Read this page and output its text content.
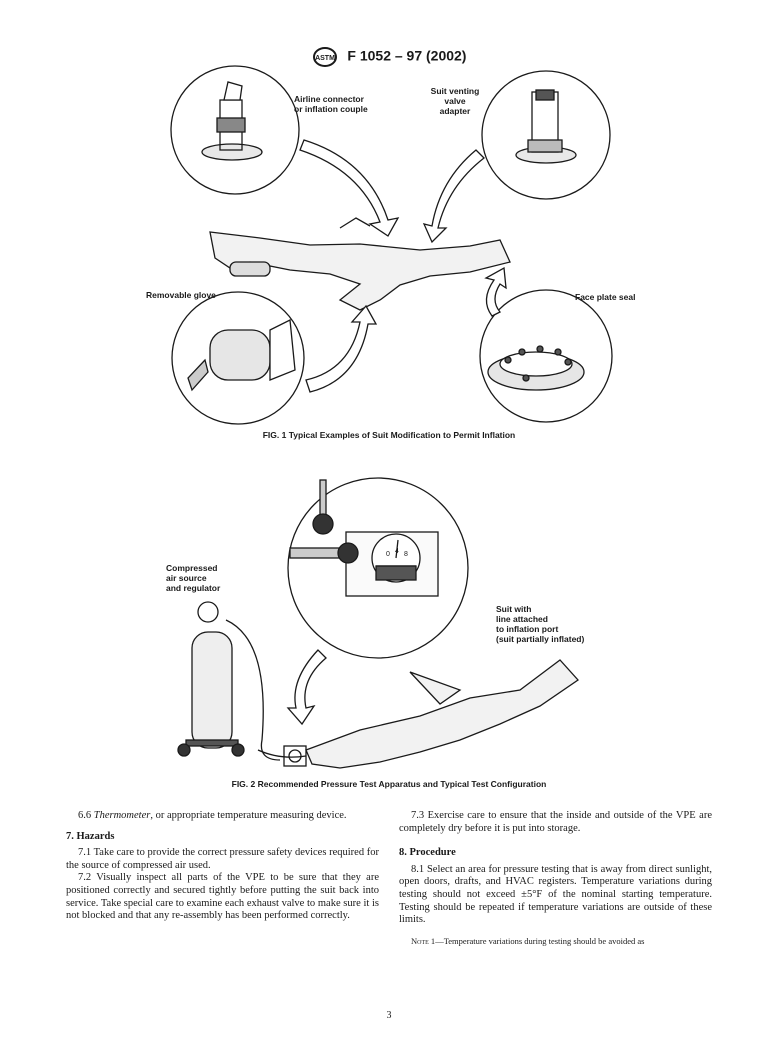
ASTM F 1052 – 97 (2002)
0 4 8
Airline connector
or inflation couple
Suit venting
valve
adapter
Removable glove	Face plate seal
FIG. 1 Typical Examples of Suit Modification to Permit Inflation
Compressed
air source
and regulator
Suit with
line attached
to inflation port
(suit partially inflated)
FIG. 2 Recommended Pressure Test Apparatus and Typical Test Configuration

6.6 Thermometer, or appropriate temperature measuring device.

7. Hazards

7.1 Take care to provide the correct pressure safety devices required for the source of compressed air used.

7.2 Visually inspect all parts of the VPE to be sure that they are positioned correctly and secured tightly before putting the suit back into service. Take special care to examine each exhaust valve to make sure it is not blocked and that any re-assembly has been performed correctly.

7.3 Exercise care to ensure that the inside and outside of the VPE are completely dry before it is put into storage.

8. Procedure

8.1 Select an area for pressure testing that is away from direct sunlight, open doors, drafts, and HVAC registers. Temperature variations during testing should not exceed ±5°F of the nominal starting temperature. Testing should be repeated if temperature variations are outside of these limits.

Note 1—Temperature variations during testing should be avoided as
3
